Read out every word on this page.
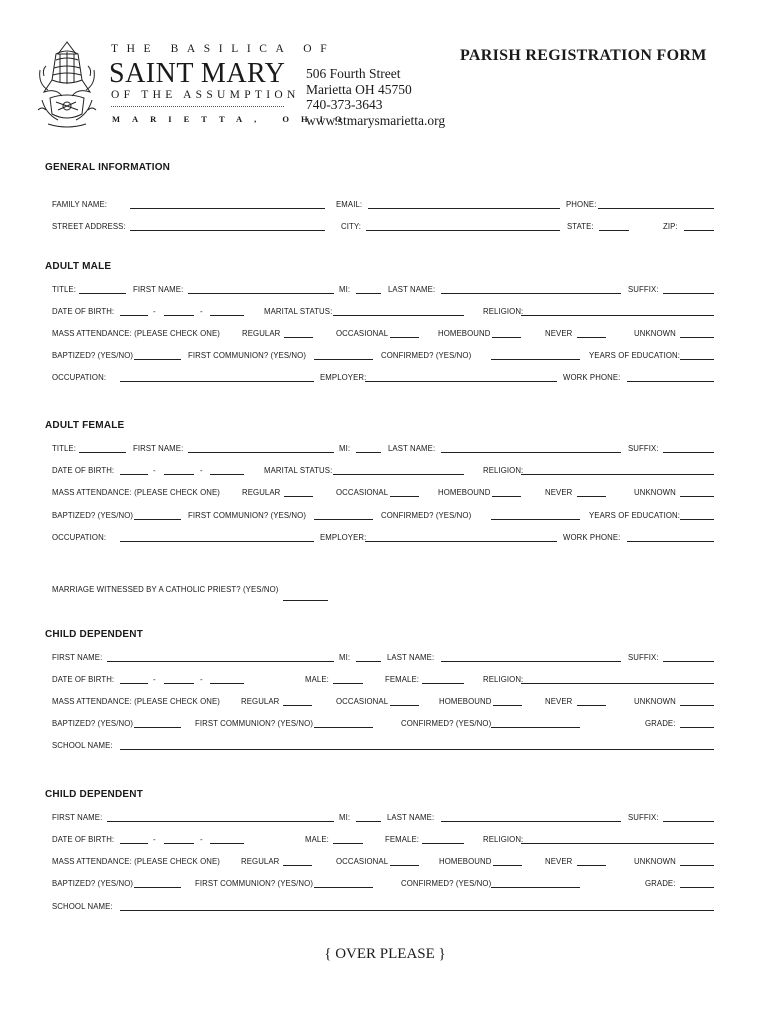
THE BASILICA OF
SAINT MARY
OF THE ASSUMPTION
MARIETTA, OHIO
506 Fourth Street
Marietta OH 45750
740-373-3643
www.stmarysmarietta.org
PARISH REGISTRATION FORM
GENERAL INFORMATION
FAMILY NAME:	EMAIL:	PHONE:
STREET ADDRESS:	CITY:	STATE:	ZIP:
ADULT MALE
TITLE:	FIRST NAME:	MI:	LAST NAME:	SUFFIX:
DATE OF BIRTH:	-	-	MARITAL STATUS:	RELIGION:
MASS ATTENDANCE: (PLEASE CHECK ONE)	REGULAR	OCCASIONAL	HOMEBOUND	NEVER	UNKNOWN
BAPTIZED? (YES/NO)	FIRST COMMUNION? (YES/NO)	CONFIRMED? (YES/NO)	YEARS OF EDUCATION:
OCCUPATION:	EMPLOYER:	WORK PHONE:
ADULT FEMALE
TITLE:	FIRST NAME:	MI:	LAST NAME:	SUFFIX:
DATE OF BIRTH:	-	-	MARITAL STATUS:	RELIGION:
MASS ATTENDANCE: (PLEASE CHECK ONE)	REGULAR	OCCASIONAL	HOMEBOUND	NEVER	UNKNOWN
BAPTIZED? (YES/NO)	FIRST COMMUNION? (YES/NO)	CONFIRMED? (YES/NO)	YEARS OF EDUCATION:
OCCUPATION:	EMPLOYER:	WORK PHONE:
MARRIAGE WITNESSED BY A CATHOLIC PRIEST? (YES/NO)
CHILD DEPENDENT
FIRST NAME:	MI:	LAST NAME:	SUFFIX:
DATE OF BIRTH:	-	-	MALE:	FEMALE:	RELIGION:
MASS ATTENDANCE: (PLEASE CHECK ONE)	REGULAR	OCCASIONAL	HOMEBOUND	NEVER	UNKNOWN
BAPTIZED? (YES/NO)	FIRST COMMUNION? (YES/NO)	CONFIRMED? (YES/NO)	GRADE:
SCHOOL NAME:
CHILD DEPENDENT
FIRST NAME:	MI:	LAST NAME:	SUFFIX:
DATE OF BIRTH:	-	-	MALE:	FEMALE:	RELIGION:
MASS ATTENDANCE: (PLEASE CHECK ONE)	REGULAR	OCCASIONAL	HOMEBOUND	NEVER	UNKNOWN
BAPTIZED? (YES/NO)	FIRST COMMUNION? (YES/NO)	CONFIRMED? (YES/NO)	GRADE:
SCHOOL NAME:
{ OVER PLEASE }
